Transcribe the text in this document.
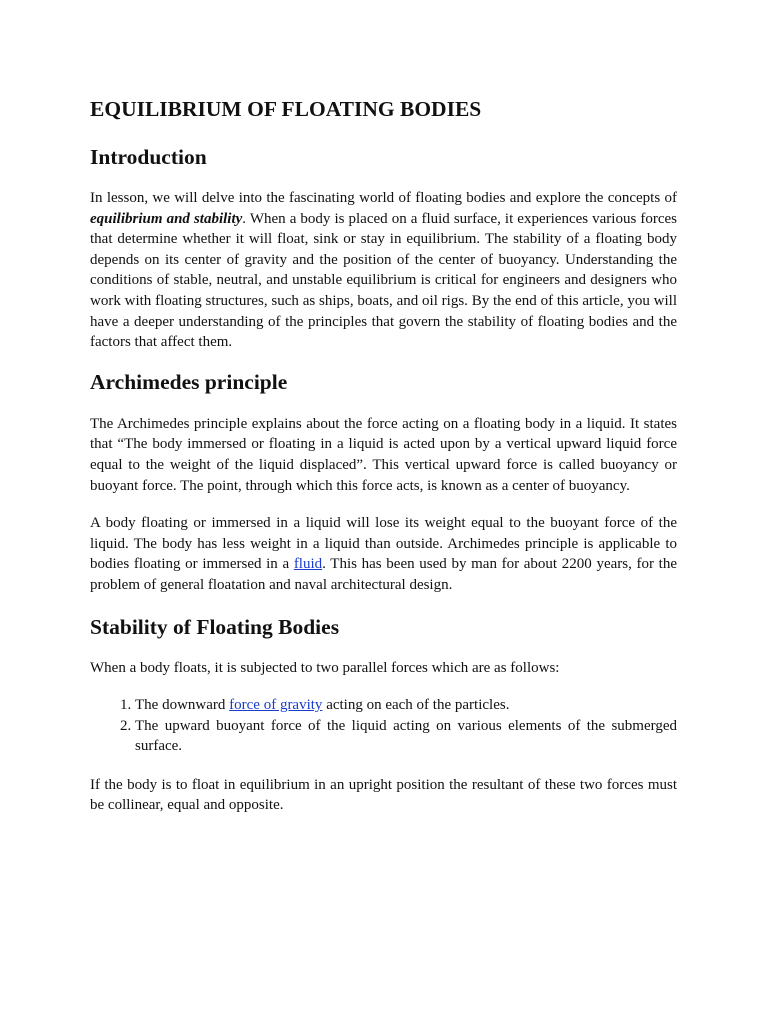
EQUILIBRIUM OF FLOATING BODIES
Introduction

In lesson, we will delve into the fascinating world of floating bodies and explore the concepts of equilibrium and stability. When a body is placed on a fluid surface, it experiences various forces that determine whether it will float, sink or stay in equilibrium. The stability of a floating body depends on its center of gravity and the position of the center of buoyancy. Understanding the conditions of stable, neutral, and unstable equilibrium is critical for engineers and designers who work with floating structures, such as ships, boats, and oil rigs. By the end of this article, you will have a deeper understanding of the principles that govern the stability of floating bodies and the factors that affect them.

Archimedes principle

The Archimedes principle explains about the force acting on a floating body in a liquid. It states that “The body immersed or floating in a liquid is acted upon by a vertical upward liquid force equal to the weight of the liquid displaced”. This vertical upward force is called buoyancy or buoyant force. The point, through which this force acts, is known as a center of buoyancy.

A body floating or immersed in a liquid will lose its weight equal to the buoyant force of the liquid. The body has less weight in a liquid than outside. Archimedes principle is applicable to bodies floating or immersed in a fluid. This has been used by man for about 2200 years, for the problem of general floatation and naval architectural design.

Stability of Floating Bodies

When a body floats, it is subjected to two parallel forces which are as follows:

1. The downward force of gravity acting on each of the particles.
2. The upward buoyant force of the liquid acting on various elements of the submerged surface.

If the body is to float in equilibrium in an upright position the resultant of these two forces must be collinear, equal and opposite.
